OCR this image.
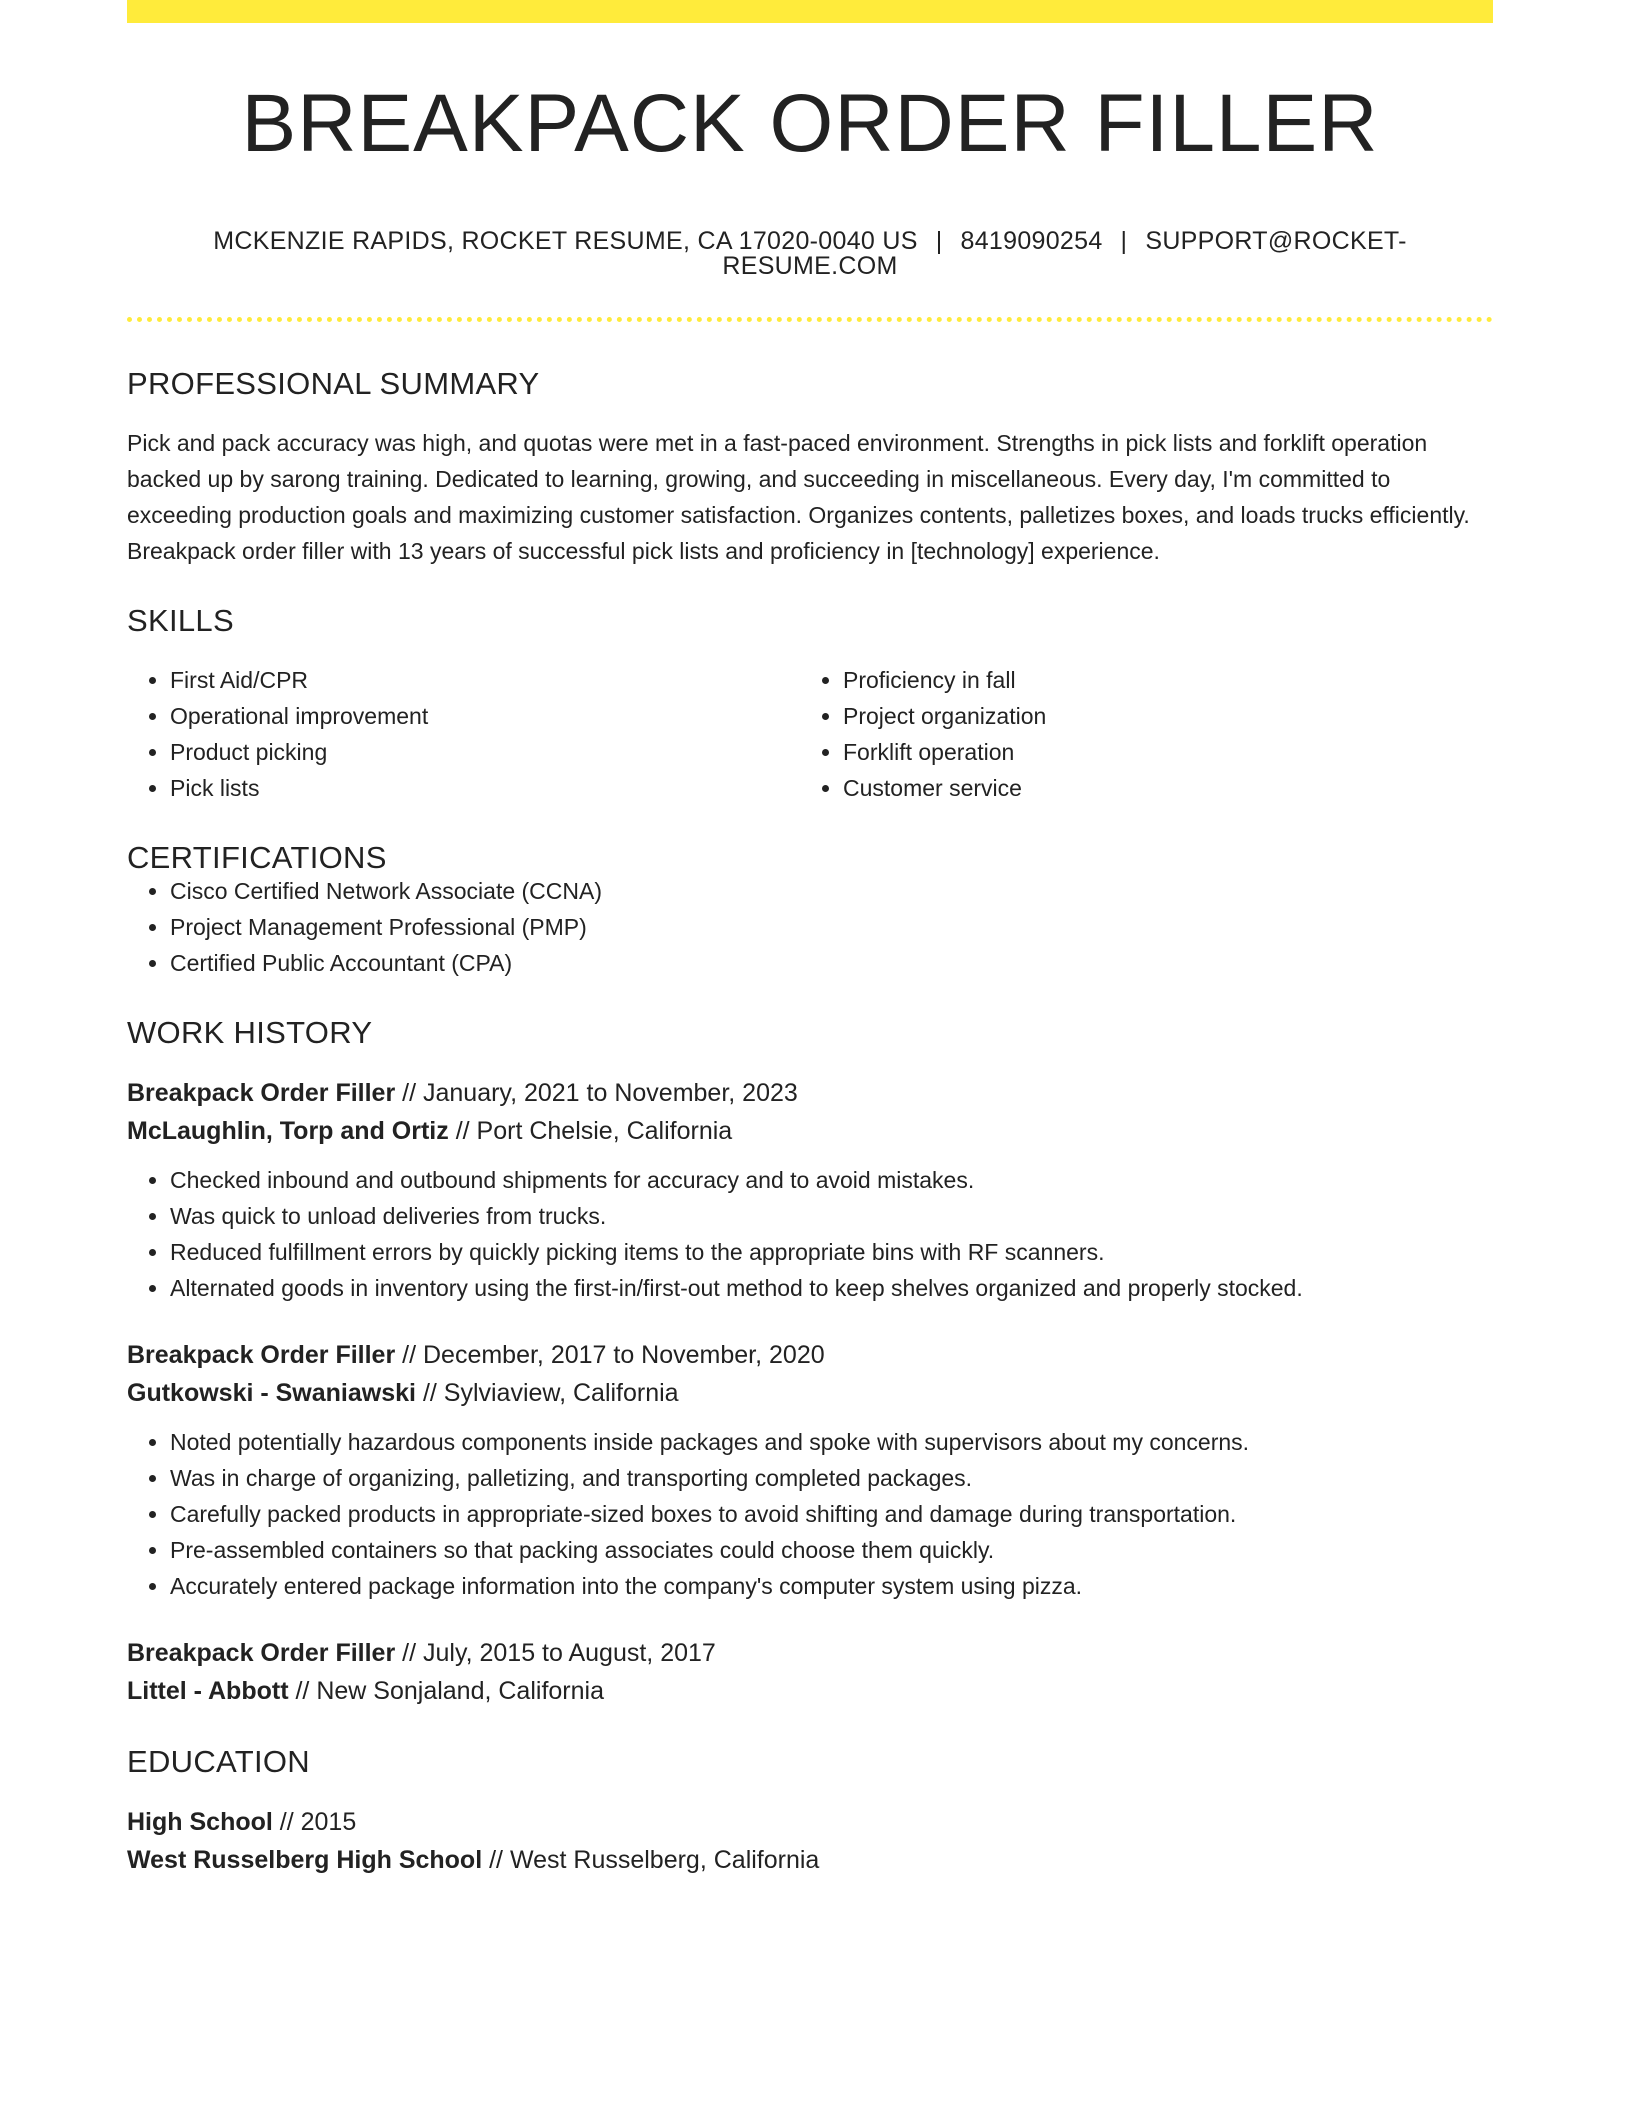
BREAKPACK ORDER FILLER
MCKENZIE RAPIDS, ROCKET RESUME, CA 17020-0040 US | 8419090254 | SUPPORT@ROCKET-RESUME.COM
PROFESSIONAL SUMMARY

Pick and pack accuracy was high, and quotas were met in a fast-paced environment. Strengths in pick lists and forklift operation backed up by sarong training. Dedicated to learning, growing, and succeeding in miscellaneous. Every day, I'm committed to exceeding production goals and maximizing customer satisfaction. Organizes contents, palletizes boxes, and loads trucks efficiently. Breakpack order filler with 13 years of successful pick lists and proficiency in [technology] experience.

SKILLS
• First Aid/CPR
• Operational improvement
• Product picking
• Pick lists
• Proficiency in fall
• Project organization
• Forklift operation
• Customer service
CERTIFICATIONS
• Cisco Certified Network Associate (CCNA)
• Project Management Professional (PMP)
• Certified Public Accountant (CPA)
WORK HISTORY
Breakpack Order Filler // January, 2021 to November, 2023
McLaughlin, Torp and Ortiz // Port Chelsie, California
• Checked inbound and outbound shipments for accuracy and to avoid mistakes.
• Was quick to unload deliveries from trucks.
• Reduced fulfillment errors by quickly picking items to the appropriate bins with RF scanners.
• Alternated goods in inventory using the first-in/first-out method to keep shelves organized and properly stocked.
Breakpack Order Filler // December, 2017 to November, 2020
Gutkowski - Swaniawski // Sylviaview, California
• Noted potentially hazardous components inside packages and spoke with supervisors about my concerns.
• Was in charge of organizing, palletizing, and transporting completed packages.
• Carefully packed products in appropriate-sized boxes to avoid shifting and damage during transportation.
• Pre-assembled containers so that packing associates could choose them quickly.
• Accurately entered package information into the company's computer system using pizza.
Breakpack Order Filler // July, 2015 to August, 2017
Littel - Abbott // New Sonjaland, California
EDUCATION
High School // 2015
West Russelberg High School // West Russelberg, California
